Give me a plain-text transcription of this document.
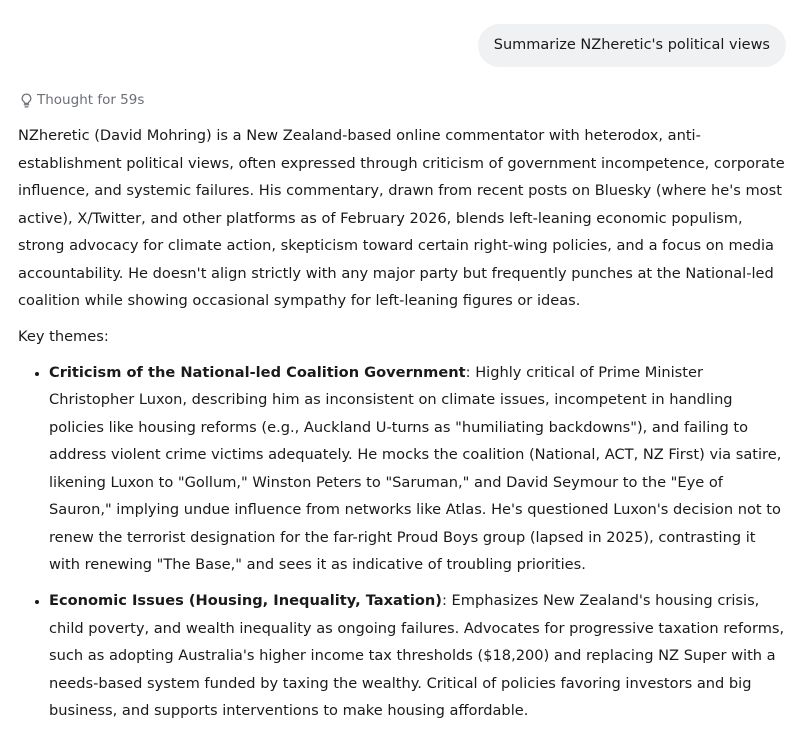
Summarize NZheretic's political views
Thought for 59s

NZheretic (David Mohring) is a New Zealand-based online commentator with heterodox, anti-establishment political views, often expressed through criticism of government incompetence, corporate influence, and systemic failures. His commentary, drawn from recent posts on Bluesky (where he's most active), X/Twitter, and other platforms as of February 2026, blends left-leaning economic populism, strong advocacy for climate action, skepticism toward certain right-wing policies, and a focus on media accountability. He doesn't align strictly with any major party but frequently punches at the National-led coalition while showing occasional sympathy for left-leaning figures or ideas.

Key themes:

• Criticism of the National-led Coalition Government: Highly critical of Prime Minister Christopher Luxon, describing him as inconsistent on climate issues, incompetent in handling policies like housing reforms (e.g., Auckland U-turns as "humiliating backdowns"), and failing to address violent crime victims adequately. He mocks the coalition (National, ACT, NZ First) via satire, likening Luxon to "Gollum," Winston Peters to "Saruman," and David Seymour to the "Eye of Sauron," implying undue influence from networks like Atlas. He's questioned Luxon's decision not to renew the terrorist designation for the far-right Proud Boys group (lapsed in 2025), contrasting it with renewing "The Base," and sees it as indicative of troubling priorities.
• Economic Issues (Housing, Inequality, Taxation): Emphasizes New Zealand's housing crisis, child poverty, and wealth inequality as ongoing failures. Advocates for progressive taxation reforms, such as adopting Australia's higher income tax thresholds ($18,200) and replacing NZ Super with a needs-based system funded by taxing the wealthy. Critical of policies favoring investors and big business, and supports interventions to make housing affordable.
